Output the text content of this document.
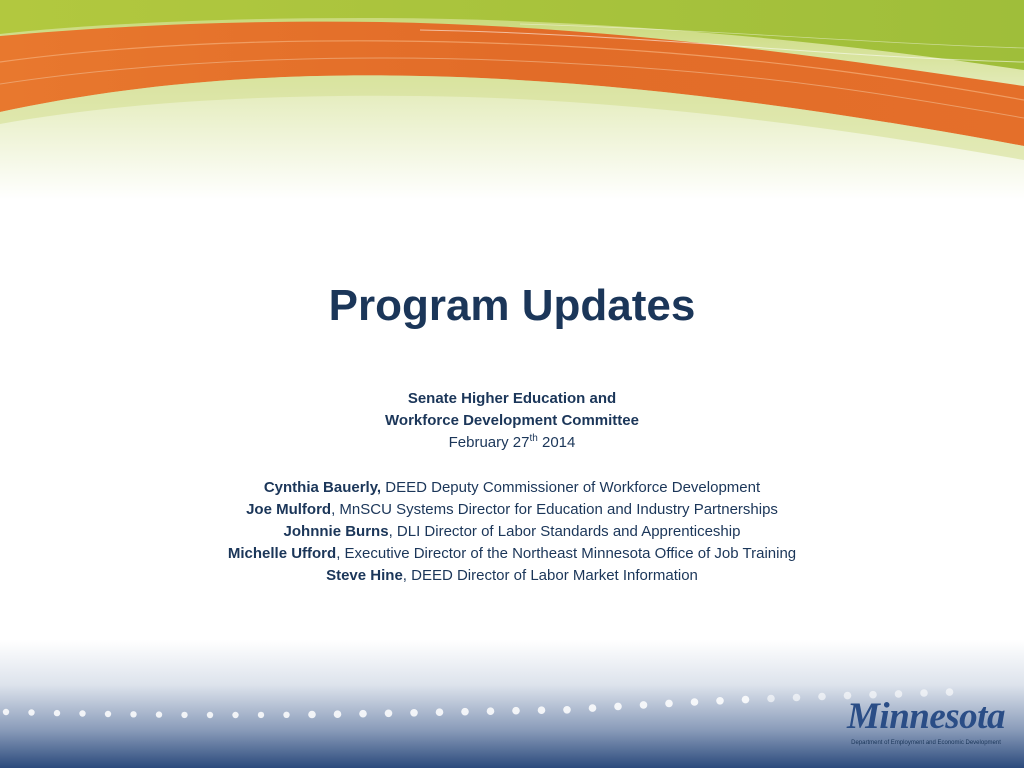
Program Updates
Senate Higher Education and
Workforce Development Committee
February 27th 2014
Cynthia Bauerly, DEED Deputy Commissioner of Workforce Development
Joe Mulford, MnSCU Systems Director for Education and Industry Partnerships
Johnnie Burns, DLI Director of Labor Standards and Apprenticeship
Michelle Ufford, Executive Director of the Northeast Minnesota Office of Job Training
Steve Hine, DEED Director of Labor Market Information
Minnesota
Department of Employment and Economic Development
